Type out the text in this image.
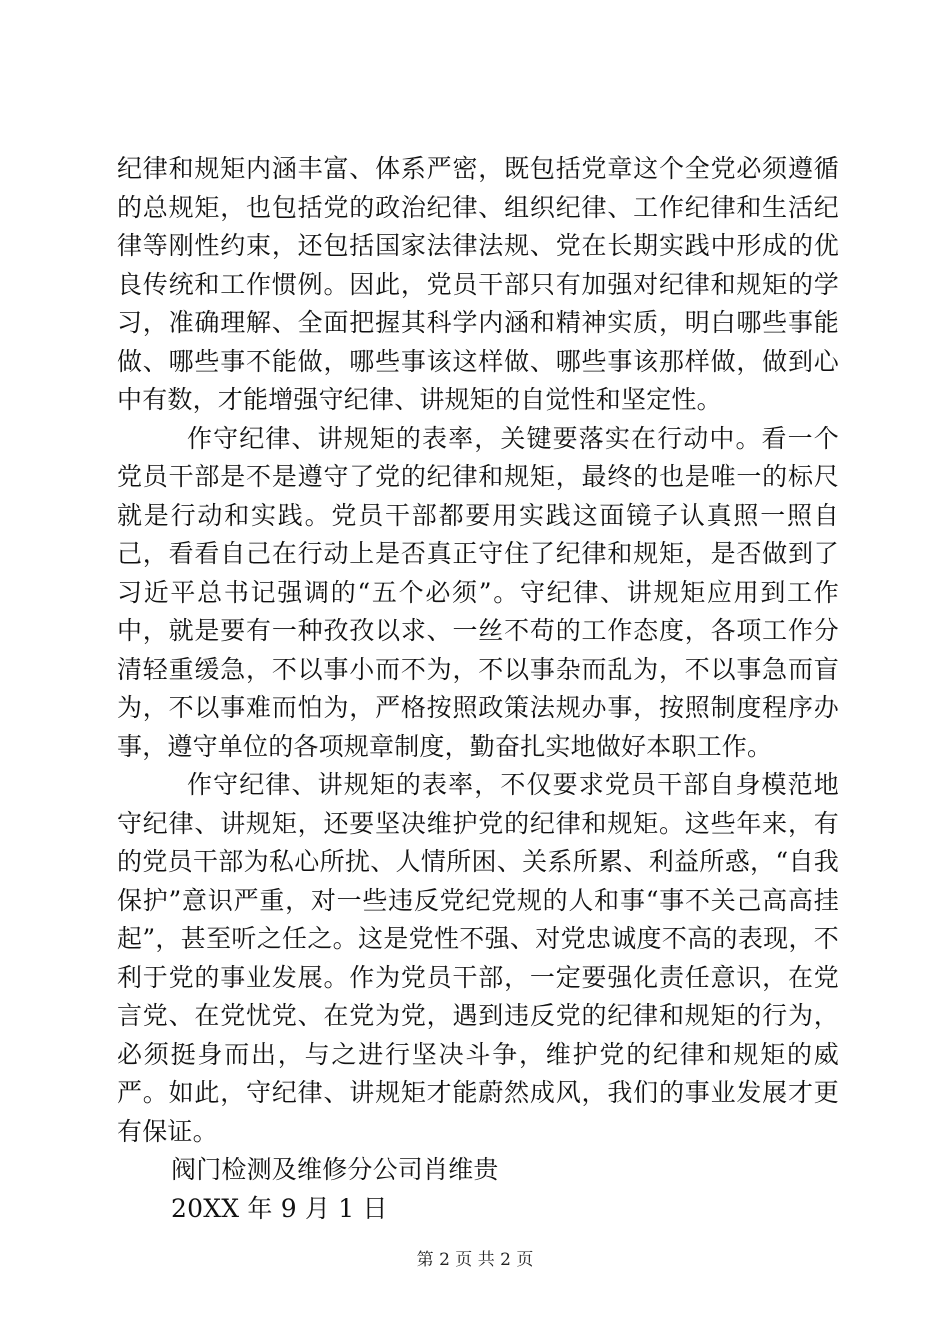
纪律和规矩内涵丰富、体系严密，既包括党章这个全党必须遵循的总规矩，也包括党的政治纪律、组织纪律、工作纪律和生活纪律等刚性约束，还包括国家法律法规、党在长期实践中形成的优良传统和工作惯例。因此，党员干部只有加强对纪律和规矩的学习，准确理解、全面把握其科学内涵和精神实质，明白哪些事能做、哪些事不能做，哪些事该这样做、哪些事该那样做，做到心中有数，才能增强守纪律、讲规矩的自觉性和坚定性。

作守纪律、讲规矩的表率，关键要落实在行动中。看一个党员干部是不是遵守了党的纪律和规矩，最终的也是唯一的标尺就是行动和实践。党员干部都要用实践这面镜子认真照一照自己，看看自己在行动上是否真正守住了纪律和规矩，是否做到了习近平总书记强调的“五个必须”。守纪律、讲规矩应用到工作中，就是要有一种孜孜以求、一丝不苟的工作态度，各项工作分清轻重缓急，不以事小而不为，不以事杂而乱为，不以事急而盲为，不以事难而怕为，严格按照政策法规办事，按照制度程序办事，遵守单位的各项规章制度，勤奋扎实地做好本职工作。

作守纪律、讲规矩的表率，不仅要求党员干部自身模范地守纪律、讲规矩，还要坚决维护党的纪律和规矩。这些年来，有的党员干部为私心所扰、人情所困、关系所累、利益所惑，“自我保护”意识严重，对一些违反党纪党规的人和事“事不关己高高挂起”，甚至听之任之。这是党性不强、对党忠诚度不高的表现，不利于党的事业发展。作为党员干部，一定要强化责任意识，在党言党、在党忧党、在党为党，遇到违反党的纪律和规矩的行为，必须挺身而出，与之进行坚决斗争，维护党的纪律和规矩的威严。如此，守纪律、讲规矩才能蔚然成风，我们的事业发展才更有保证。

阀门检测及维修分公司肖维贵

20XX 年 9 月 1 日

第 2 页 共 2 页
